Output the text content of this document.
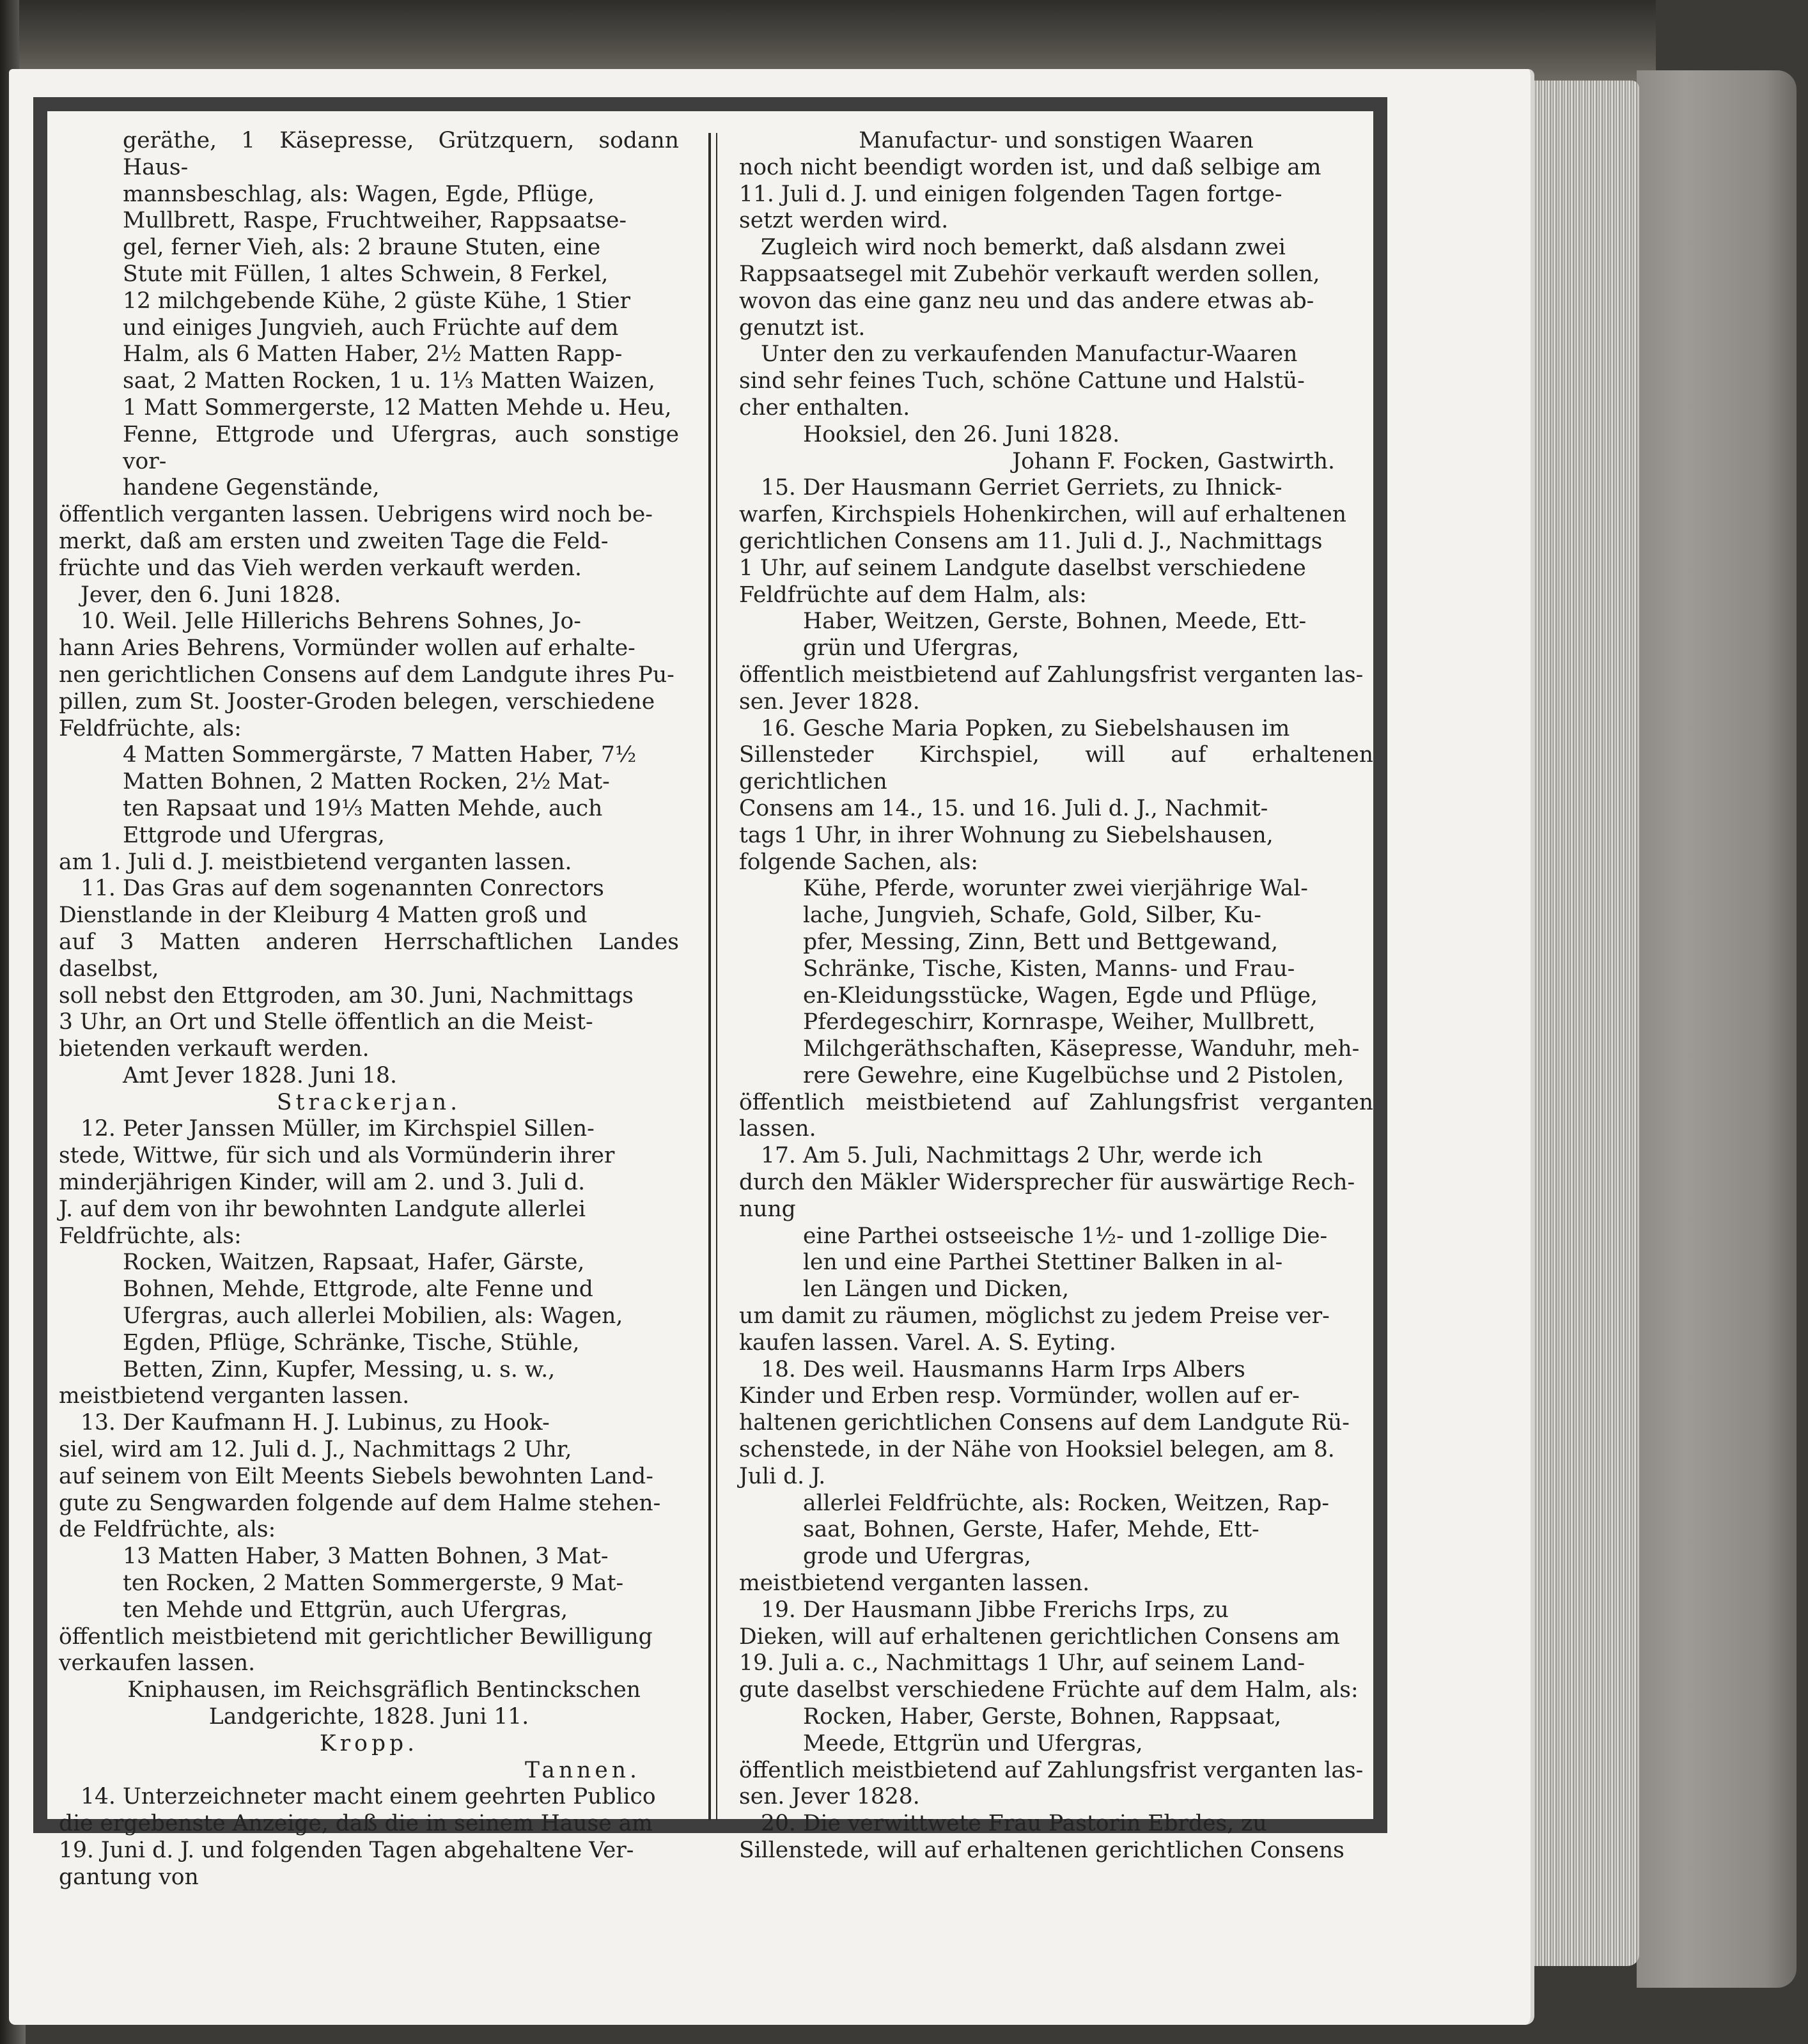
geräthe, 1 Käsepresse, Grützquern, sodann Haus-

mannsbeschlag, als: Wagen, Egde, Pflüge,

Mullbrett, Raspe, Fruchtweiher, Rappsaatse-

gel, ferner Vieh, als: 2 braune Stuten, eine

Stute mit Füllen, 1 altes Schwein, 8 Ferkel,

12 milchgebende Kühe, 2 güste Kühe, 1 Stier

und einiges Jungvieh, auch Früchte auf dem

Halm, als 6 Matten Haber, 2½ Matten Rapp-

saat, 2 Matten Rocken, 1 u. 1⅓ Matten Waizen,

1 Matt Sommergerste, 12 Matten Mehde u. Heu,

Fenne, Ettgrode und Ufergras, auch sonstige vor-

handene Gegenstände,

öffentlich verganten lassen. Uebrigens wird noch be-

merkt, daß am ersten und zweiten Tage die Feld-

früchte und das Vieh werden verkauft werden.

Jever, den 6. Juni 1828.

10. Weil. Jelle Hillerichs Behrens Sohnes, Jo-

hann Aries Behrens, Vormünder wollen auf erhalte-

nen gerichtlichen Consens auf dem Landgute ihres Pu-

pillen, zum St. Jooster-Groden belegen, verschiedene

Feldfrüchte, als:

4 Matten Sommergärste, 7 Matten Haber, 7½

Matten Bohnen, 2 Matten Rocken, 2½ Mat-

ten Rapsaat und 19⅓ Matten Mehde, auch

Ettgrode und Ufergras,

am 1. Juli d. J. meistbietend verganten lassen.

11. Das Gras auf dem sogenannten Conrectors

Dienstlande in der Kleiburg 4 Matten groß und

auf 3 Matten anderen Herrschaftlichen Landes daselbst,

soll nebst den Ettgroden, am 30. Juni, Nachmittags

3 Uhr, an Ort und Stelle öffentlich an die Meist-

bietenden verkauft werden.

Amt Jever 1828. Juni 18.

Strackerjan.

12. Peter Janssen Müller, im Kirchspiel Sillen-

stede, Wittwe, für sich und als Vormünderin ihrer

minderjährigen Kinder, will am 2. und 3. Juli d.

J. auf dem von ihr bewohnten Landgute allerlei

Feldfrüchte, als:

Rocken, Waitzen, Rapsaat, Hafer, Gärste,

Bohnen, Mehde, Ettgrode, alte Fenne und

Ufergras, auch allerlei Mobilien, als: Wagen,

Egden, Pflüge, Schränke, Tische, Stühle,

Betten, Zinn, Kupfer, Messing, u. s. w.,

meistbietend verganten lassen.

13. Der Kaufmann H. J. Lubinus, zu Hook-

siel, wird am 12. Juli d. J., Nachmittags 2 Uhr,

auf seinem von Eilt Meents Siebels bewohnten Land-

gute zu Sengwarden folgende auf dem Halme stehen-

de Feldfrüchte, als:

13 Matten Haber, 3 Matten Bohnen, 3 Mat-

ten Rocken, 2 Matten Sommergerste, 9 Mat-

ten Mehde und Ettgrün, auch Ufergras,

öffentlich meistbietend mit gerichtlicher Bewilligung

verkaufen lassen.

Kniphausen, im Reichsgräflich Bentinckschen

Landgerichte, 1828. Juni 11.

Kropp.

Tannen.

14. Unterzeichneter macht einem geehrten Publico

die ergebenste Anzeige, daß die in seinem Hause am

19. Juni d. J. und folgenden Tagen abgehaltene Ver-

gantung von

Manufactur- und sonstigen Waaren

noch nicht beendigt worden ist, und daß selbige am

11. Juli d. J. und einigen folgenden Tagen fortge-

setzt werden wird.

Zugleich wird noch bemerkt, daß alsdann zwei

Rappsaatsegel mit Zubehör verkauft werden sollen,

wovon das eine ganz neu und das andere etwas ab-

genutzt ist.

Unter den zu verkaufenden Manufactur-Waaren

sind sehr feines Tuch, schöne Cattune und Halstü-

cher enthalten.

Hooksiel, den 26. Juni 1828.

Johann F. Focken, Gastwirth.

15. Der Hausmann Gerriet Gerriets, zu Ihnick-

warfen, Kirchspiels Hohenkirchen, will auf erhaltenen

gerichtlichen Consens am 11. Juli d. J., Nachmittags

1 Uhr, auf seinem Landgute daselbst verschiedene

Feldfrüchte auf dem Halm, als:

Haber, Weitzen, Gerste, Bohnen, Meede, Ett-

grün und Ufergras,

öffentlich meistbietend auf Zahlungsfrist verganten las-

sen. Jever 1828.

16. Gesche Maria Popken, zu Siebelshausen im

Sillensteder Kirchspiel, will auf erhaltenen gerichtlichen

Consens am 14., 15. und 16. Juli d. J., Nachmit-

tags 1 Uhr, in ihrer Wohnung zu Siebelshausen,

folgende Sachen, als:

Kühe, Pferde, worunter zwei vierjährige Wal-

lache, Jungvieh, Schafe, Gold, Silber, Ku-

pfer, Messing, Zinn, Bett und Bettgewand,

Schränke, Tische, Kisten, Manns- und Frau-

en-Kleidungsstücke, Wagen, Egde und Pflüge,

Pferdegeschirr, Kornraspe, Weiher, Mullbrett,

Milchgeräthschaften, Käsepresse, Wanduhr, meh-

rere Gewehre, eine Kugelbüchse und 2 Pistolen,

öffentlich meistbietend auf Zahlungsfrist verganten lassen.

17. Am 5. Juli, Nachmittags 2 Uhr, werde ich

durch den Mäkler Widersprecher für auswärtige Rech-

nung

eine Parthei ostseeische 1½- und 1-zollige Die-

len und eine Parthei Stettiner Balken in al-

len Längen und Dicken,

um damit zu räumen, möglichst zu jedem Preise ver-

kaufen lassen. Varel. A. S. Eyting.

18. Des weil. Hausmanns Harm Irps Albers

Kinder und Erben resp. Vormünder, wollen auf er-

haltenen gerichtlichen Consens auf dem Landgute Rü-

schenstede, in der Nähe von Hooksiel belegen, am 8.

Juli d. J.

allerlei Feldfrüchte, als: Rocken, Weitzen, Rap-

saat, Bohnen, Gerste, Hafer, Mehde, Ett-

grode und Ufergras,

meistbietend verganten lassen.

19. Der Hausmann Jibbe Frerichs Irps, zu

Dieken, will auf erhaltenen gerichtlichen Consens am

19. Juli a. c., Nachmittags 1 Uhr, auf seinem Land-

gute daselbst verschiedene Früchte auf dem Halm, als:

Rocken, Haber, Gerste, Bohnen, Rappsaat,

Meede, Ettgrün und Ufergras,

öffentlich meistbietend auf Zahlungsfrist verganten las-

sen. Jever 1828.

20. Die verwittwete Frau Pastorin Ebrdes, zu

Sillenstede, will auf erhaltenen gerichtlichen Consens
